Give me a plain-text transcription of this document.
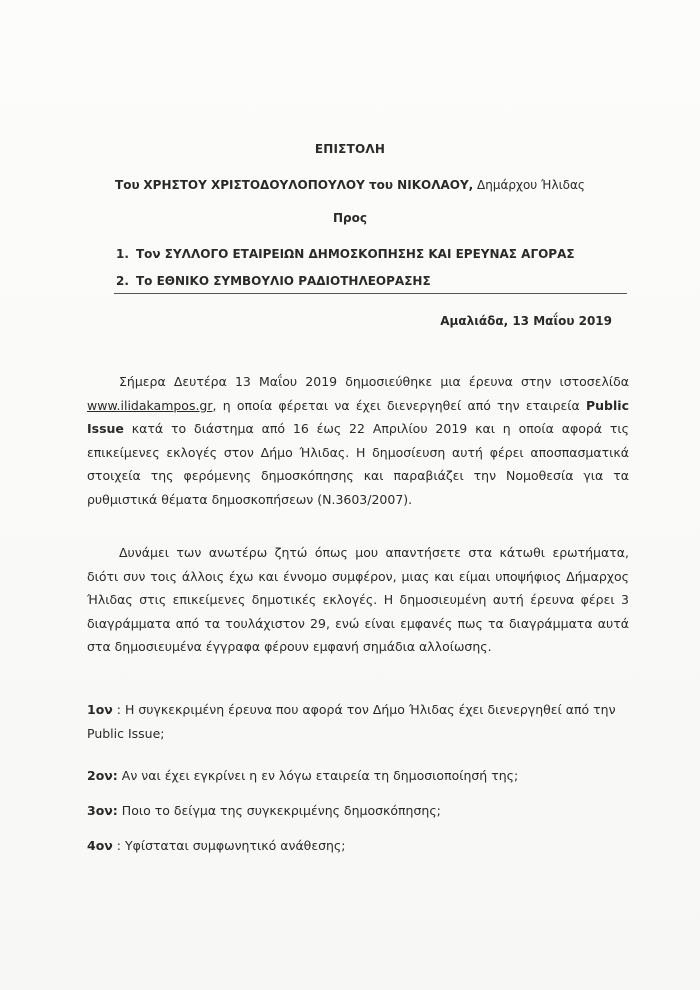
ΕΠΙΣΤΟΛΗ
Του ΧΡΗΣΤΟΥ ΧΡΙΣΤΟΔΟΥΛΟΠΟΥΛΟΥ του ΝΙΚΟΛΑΟΥ, Δημάρχου Ήλιδας
Προς
1. Τον ΣΥΛΛΟΓΟ ΕΤΑΙΡΕΙΩΝ ΔΗΜΟΣΚΟΠΗΣΗΣ ΚΑΙ ΕΡΕΥΝΑΣ ΑΓΟΡΑΣ
2. Το ΕΘΝΙΚΟ ΣΥΜΒΟΥΛΙΟ ΡΑΔΙΟΤΗΛΕΟΡΑΣΗΣ
Αμαλιάδα, 13 Μαΐου 2019

Σήμερα Δευτέρα 13 Μαΐου 2019 δημοσιεύθηκε μια έρευνα στην ιστοσελίδα www.ilidakampos.gr, η οποία φέρεται να έχει διενεργηθεί από την εταιρεία Public Issue κατά το διάστημα από 16 έως 22 Απριλίου 2019 και η οποία αφορά τις επικείμενες εκλογές στον Δήμο Ήλιδας. Η δημοσίευση αυτή φέρει αποσπασματικά στοιχεία της φερόμενης δημοσκόπησης και παραβιάζει την Νομοθεσία για τα ρυθμιστικά θέματα δημοσκοπήσεων (Ν.3603/2007).

Δυνάμει των ανωτέρω ζητώ όπως μου απαντήσετε στα κάτωθι ερωτήματα, διότι συν τοις άλλοις έχω και έννομο συμφέρον, μιας και είμαι υποψήφιος Δήμαρχος Ήλιδας στις επικείμενες δημοτικές εκλογές. Η δημοσιευμένη αυτή έρευνα φέρει 3 διαγράμματα από τα τουλάχιστον 29, ενώ είναι εμφανές πως τα διαγράμματα αυτά στα δημοσιευμένα έγγραφα φέρουν εμφανή σημάδια αλλοίωσης.

1ον : Η συγκεκριμένη έρευνα που αφορά τον Δήμο Ήλιδας έχει διενεργηθεί από την Public Issue;
2ον: Αν ναι έχει εγκρίνει η εν λόγω εταιρεία τη δημοσιοποίησή της;
3ον: Ποιο το δείγμα της συγκεκριμένης δημοσκόπησης;
4ον : Υφίσταται συμφωνητικό ανάθεσης;
